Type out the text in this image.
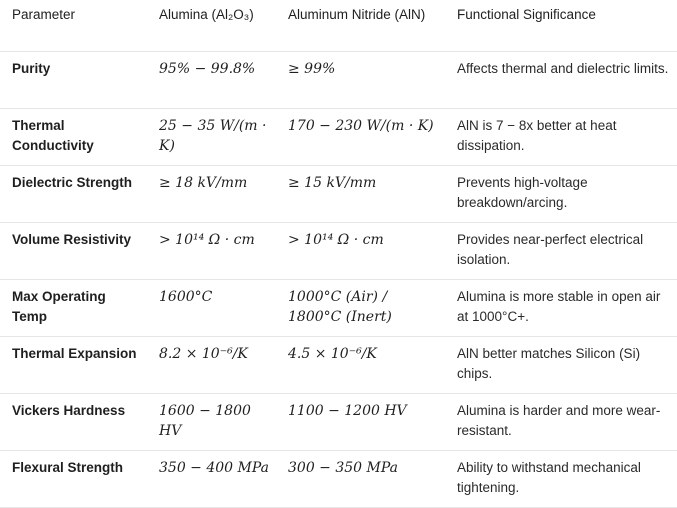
Parameter	Alumina (Al₂O₃)	Aluminum Nitride (AlN)	Functional Significance
Purity	95% − 99.8%	≥ 99%	Affects thermal and dielectric limits.
Thermal Conductivity	25 − 35 W/(m · K)	170 − 230 W/(m · K)	AlN is 7 − 8x better at heat dissipation.
Dielectric Strength	≥ 18 kV/mm	≥ 15 kV/mm	Prevents high-voltage breakdown/arcing.
Volume Resistivity	> 10¹⁴ Ω · cm	> 10¹⁴ Ω · cm	Provides near-perfect electrical isolation.
Max Operating Temp	1600°C	1000°C (Air) / 1800°C (Inert)	Alumina is more stable in open air at 1000°C+.
Thermal Expansion	8.2 × 10⁻⁶/K	4.5 × 10⁻⁶/K	AlN better matches Silicon (Si) chips.
Vickers Hardness	1600 − 1800 HV	1100 − 1200 HV	Alumina is harder and more wear-resistant.
Flexural Strength	350 − 400 MPa	300 − 350 MPa	Ability to withstand mechanical tightening.
